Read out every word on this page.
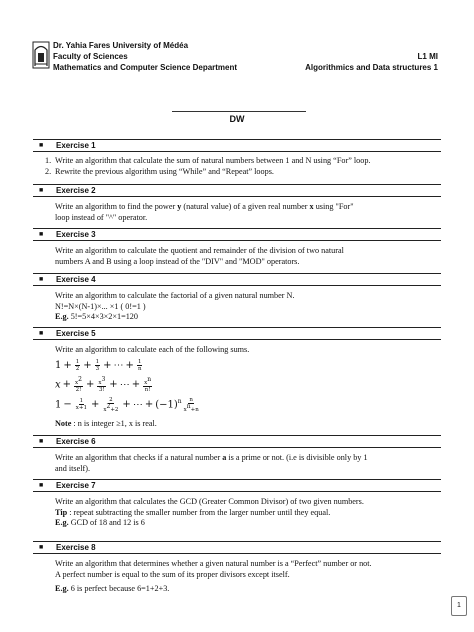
Dr. Yahia Fares University of Médéa
Faculty of Sciences
Mathematics and Computer Science Department
L1 MI
Algorithmics and Data structures 1
DW
■ Exercise 1
1. Write an algorithm that calculate the sum of natural numbers between 1 and N using “For” loop.
2. Rewrite the previous algorithm using “While” and “Repeat” loops.
■ Exercise 2
Write an algorithm to find the power y (natural value) of a given real number x using "For"
loop instead of "^" operator.
■ Exercise 3
Write an algorithm to calculate the quotient and remainder of the division of two natural
numbers A and B using a loop instead of the "DIV" and "MOD" operators.
■ Exercise 4
Write an algorithm to calculate the factorial of a given natural number N.
N!=N×(N-1)×... ×1 ( 0!=1 )
E.g. 5!=5×4×3×2×1=120
■ Exercise 5
Write an algorithm to calculate each of the following sums.
$1 + \frac{1}{2} + \frac{1}{3}$ + ⋯ + $\frac{1}{n}$
$x + \frac{x^2}{2!} + \frac{x^3}{3!}$ + ⋯ + $\frac{x^n}{n!}$
$1 - \frac{1}{x+1} + \frac{2}{x^2+2}$ + ⋯ + $(-1)^n \frac{n}{x^n+n}$
Note : n is integer ≥1, x is real.
■ Exercise 6
Write an algorithm that checks if a natural number a is a prime or not. (i.e is divisible only by 1
and itself).
■ Exercise 7
Write an algorithm that calculates the GCD (Greater Common Divisor) of two given numbers.
Tip : repeat subtracting the smaller number from the larger number until they equal.
E.g. GCD of 18 and 12 is 6
■ Exercise 8
Write an algorithm that determines whether a given natural number is a “Perfect” number or not.
A perfect number is equal to the sum of its proper divisors except itself.
E.g. 6 is perfect because 6=1+2+3.
1
